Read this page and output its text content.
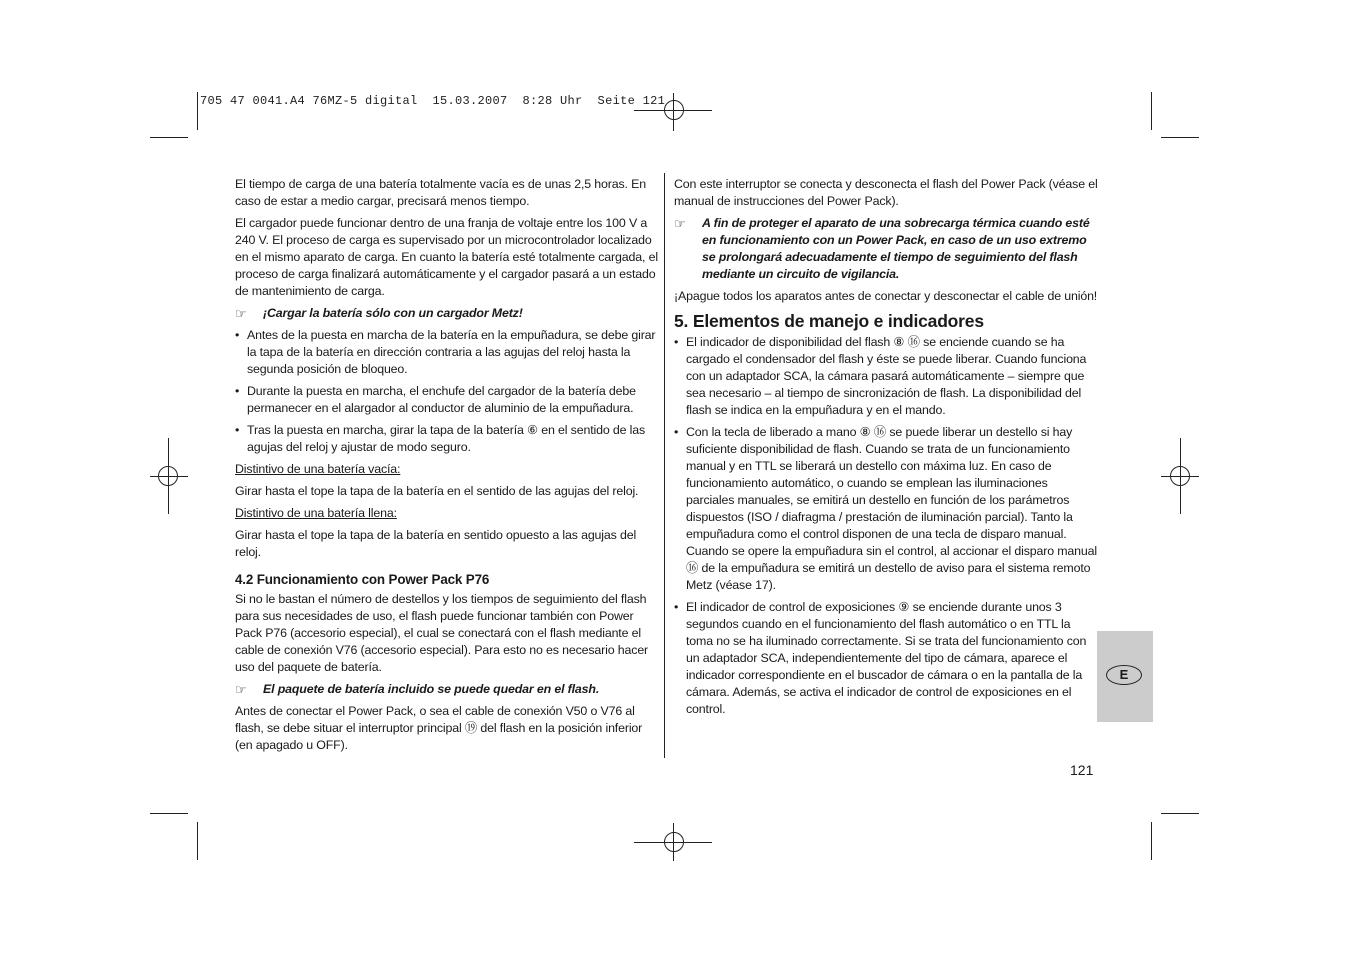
705 47 0041.A4 76MZ-5 digital  15.03.2007  8:28 Uhr  Seite 121

El tiempo de carga de una batería totalmente vacía es de unas 2,5 horas. En caso de estar a medio cargar, precisará menos tiempo.

El cargador puede funcionar dentro de una franja de voltaje entre los 100 V a 240 V. El proceso de carga es supervisado por un microcontrolador localizado en el mismo aparato de carga. En cuanto la batería esté totalmente cargada, el proceso de carga finalizará automáticamente y el cargador pasará a un estado de mantenimiento de carga.

☞	¡Cargar la batería sólo con un cargador Metz!
• Antes de la puesta en marcha de la batería en la empuñadura, se debe girar la tapa de la batería en dirección contraria a las agujas del reloj hasta la segunda posición de bloqueo.
• Durante la puesta en marcha, el enchufe del cargador de la batería debe permanecer en el alargador al conductor de aluminio de la empuñadura.
• Tras la puesta en marcha, girar la tapa de la batería ⑥ en el sentido de las agujas del reloj y ajustar de modo seguro.
Distintivo de una batería vacía:

Girar hasta el tope la tapa de la batería en el sentido de las agujas del reloj.

Distintivo de una batería llena:

Girar hasta el tope la tapa de la batería en sentido opuesto a las agujas del reloj.

4.2 Funcionamiento con Power Pack P76

Si no le bastan el número de destellos y los tiempos de seguimiento del flash para sus necesidades de uso, el flash puede funcionar también con Power Pack P76 (accesorio especial), el cual se conectará con el flash mediante el cable de conexión V76 (accesorio especial). Para esto no es necesario hacer uso del paquete de batería.

☞	El paquete de batería incluido se puede quedar en el flash.

Antes de conectar el Power Pack, o sea el cable de conexión V50 o V76 al flash, se debe situar el interruptor principal ⑲ del flash en la posición inferior (en apagado u OFF).

Con este interruptor se conecta y desconecta el flash del Power Pack (véase el manual de instrucciones del Power Pack).

☞	A fin de proteger el aparato de una sobrecarga térmica cuando esté en funcionamiento con un Power Pack, en caso de un uso extremo se prolongará adecuadamente el tiempo de seguimiento del flash mediante un circuito de vigilancia.

¡Apague todos los aparatos antes de conectar y desconectar el cable de unión!

5. Elementos de manejo e indicadores
• El indicador de disponibilidad del flash ⑧ ⑯ se enciende cuando se ha cargado el condensador del flash y éste se puede liberar. Cuando funciona con un adaptador SCA, la cámara pasará automáticamente – siempre que sea necesario – al tiempo de sincronización de flash. La disponibilidad del flash se indica en la empuñadura y en el mando.
• Con la tecla de liberado a mano ⑧ ⑯ se puede liberar un destello si hay suficiente disponibilidad de flash. Cuando se trata de un funcionamiento manual y en TTL se liberará un destello con máxima luz. En caso de funcionamiento automático, o cuando se emplean las iluminaciones parciales manuales, se emitirá un destello en función de los parámetros dispuestos (ISO / diafragma / prestación de iluminación parcial). Tanto la empuñadura como el control disponen de una tecla de disparo manual.
Cuando se opere la empuñadura sin el control, al accionar el disparo manual ⑯ de la empuñadura se emitirá un destello de aviso para el sistema remoto Metz (véase 17).
• El indicador de control de exposiciones ⑨ se enciende durante unos 3 segundos cuando en el funcionamiento del flash automático o en TTL la toma no se ha iluminado correctamente. Si se trata del funcionamiento con un adaptador SCA, independientemente del tipo de cámara, aparece el indicador correspondiente en el buscador de cámara o en la pantalla de la cámara. Además, se activa el indicador de control de exposiciones en el control.
E
121
